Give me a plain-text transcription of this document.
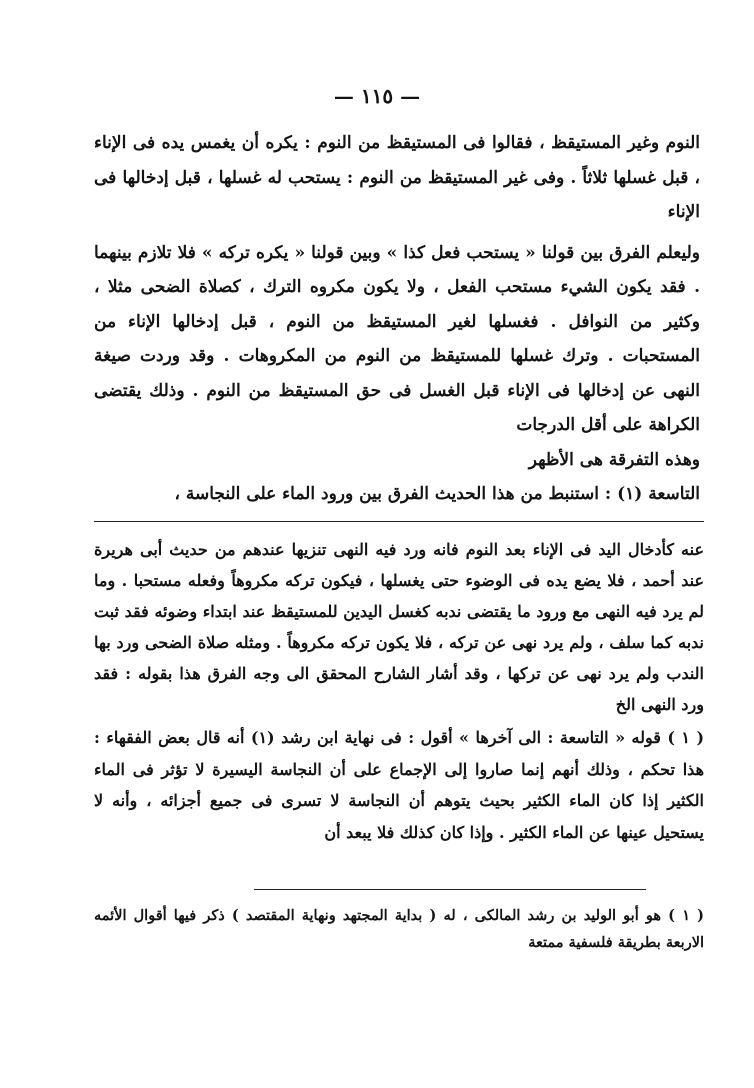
— ١١٥ —

النوم وغير المستيقظ ، فقالوا فى المستيقظ من النوم : يكره أن يغمس يده فى الإناء ، قبل غسلها ثلاثاً . وفى غير المستيقظ من النوم : يستحب له غسلها ، قبل إدخالها فى الإناء

وليعلم الفرق بين قولنا « يستحب فعل كذا » وبين قولنا « يكره تركه » فلا تلازم بينهما . فقد يكون الشيء مستحب الفعل ، ولا يكون مكروه الترك ، كصلاة الضحى مثلا ، وكثير من النوافل . فغسلها لغير المستيقظ من النوم ، قبل إدخالها الإناء من المستحبات . وترك غسلها للمستيقظ من النوم من المكروهات . وقد وردت صيغة النهى عن إدخالها فى الإناء قبل الغسل فى حق المستيقظ من النوم . وذلك يقتضى الكراهة على أقل الدرجات

وهذه التفرقة هى الأظهر

التاسعة (١) : استنبط من هذا الحديث الفرق بين ورود الماء على النجاسة ،

عنه كأدخال اليد فى الإناء بعد النوم فانه ورد فيه النهى تنزيها عندهم من حديث أبى هريرة عند أحمد ، فلا يضع يده فى الوضوء حتى يغسلها ، فيكون تركه مكروهاً وفعله مستحبا . وما لم يرد فيه النهى مع ورود ما يقتضى ندبه كغسل اليدين للمستيقظ عند ابتداء وضوئه فقد ثبت ندبه كما سلف ، ولم يرد نهى عن تركه ، فلا يكون تركه مكروهاً . ومثله صلاة الضحى ورد بها الندب ولم يرد نهى عن تركها ، وقد أشار الشارح المحقق الى وجه الفرق هذا بقوله : فقد ورد النهى الخ

( ١ ) قوله « التاسعة : الى آخرها » أقول : فى نهاية ابن رشد (١) أنه قال بعض الفقهاء : هذا تحكم ، وذلك أنهم إنما صاروا إلى الإجماع على أن النجاسة اليسيرة لا تؤثر فى الماء الكثير إذا كان الماء الكثير بحيث يتوهم أن النجاسة لا تسرى فى جميع أجزائه ، وأنه لا يستحيل عينها عن الماء الكثير . وإذا كان كذلك فلا يبعد أن

( ١ ) هو أبو الوليد بن رشد المالكى ، له ( بداية المجتهد ونهاية المقتصد ) ذكر فيها أقوال الأئمه الاربعة بطريقة فلسفية ممتعة
